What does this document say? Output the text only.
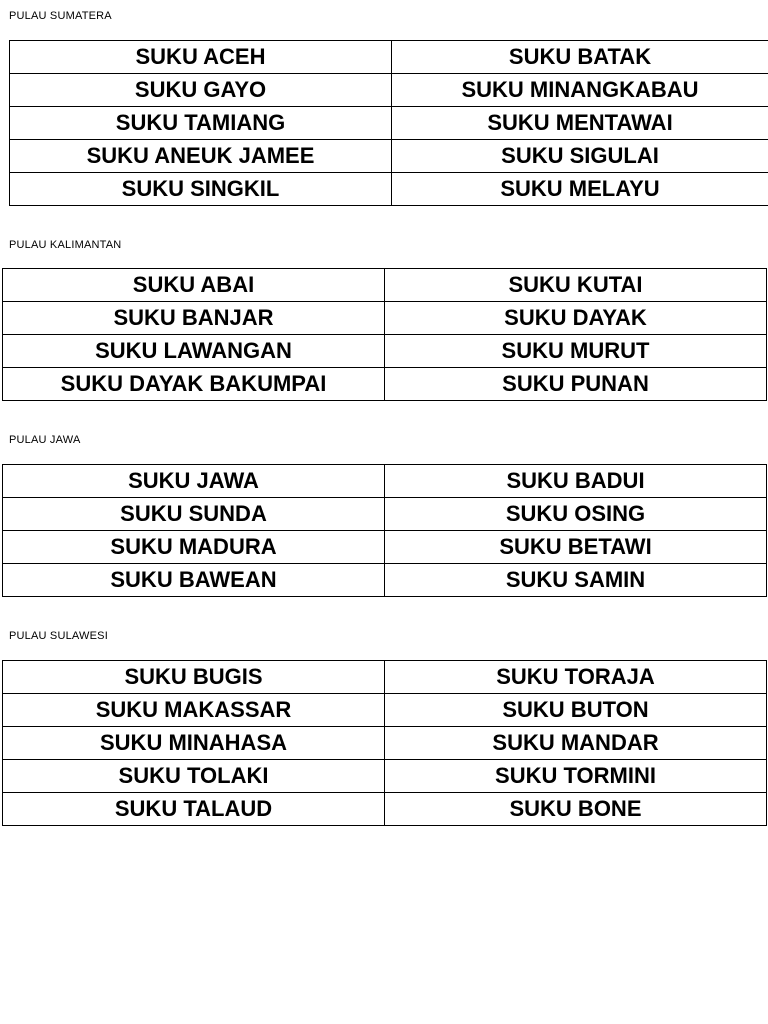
PULAU SUMATERA
SUKU ACEH	SUKU BATAK
SUKU GAYO	SUKU MINANGKABAU
SUKU TAMIANG	SUKU MENTAWAI
SUKU ANEUK JAMEE	SUKU SIGULAI
SUKU SINGKIL	SUKU MELAYU
PULAU KALIMANTAN
SUKU ABAI	SUKU KUTAI
SUKU BANJAR	SUKU DAYAK
SUKU LAWANGAN	SUKU MURUT
SUKU DAYAK BAKUMPAI	SUKU PUNAN
PULAU JAWA
SUKU JAWA	SUKU BADUI
SUKU SUNDA	SUKU OSING
SUKU MADURA	SUKU BETAWI
SUKU BAWEAN	SUKU SAMIN
PULAU SULAWESI
SUKU BUGIS	SUKU TORAJA
SUKU MAKASSAR	SUKU BUTON
SUKU MINAHASA	SUKU MANDAR
SUKU TOLAKI	SUKU TORMINI
SUKU TALAUD	SUKU BONE
